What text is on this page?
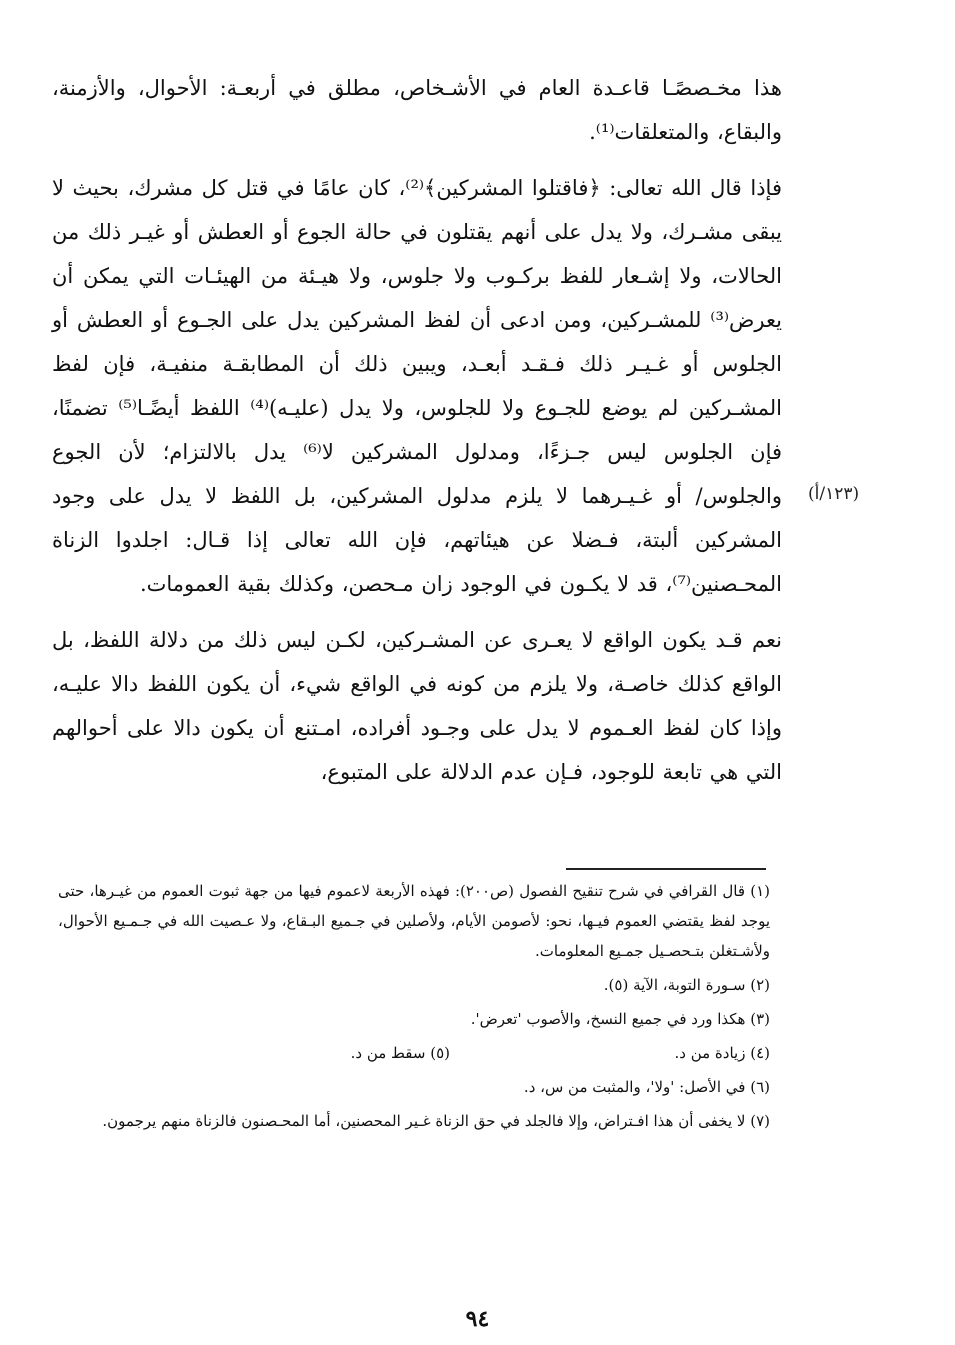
هذا مخـصصًـا قاعـدة العام في الأشـخاص، مطلق في أربعـة: الأحوال، والأزمنة، والبقاع، والمتعلقات⁽¹⁾.

فإذا قال الله تعالى: ﴿فاقتلوا المشركين﴾⁽²⁾، كان عامًا في قتل كل مشرك، بحيث لا يبقى مشـرك، ولا يدل على أنهم يقتلون في حالة الجوع أو العطش أو غيـر ذلك من الحالات، ولا إشـعار للفظ بركـوب ولا جلوس، ولا هيـئة من الهيئـات التي يمكن أن يعرض⁽³⁾ للمشـركين، ومن ادعى أن لفظ المشركين يدل على الجـوع أو العطش أو الجلوس أو غـيـر ذلك فـقـد أبعـد، ويبين ذلك أن المطابقـة منفيـة، فإن لفظ المشـركين لم يوضع للجـوع ولا للجلوس، ولا يدل (عليـه)⁽⁴⁾ اللفظ أيضًـا⁽⁵⁾ تضمنًا، فإن الجلوس ليس جـزءًا، ومدلول المشركين لا⁽⁶⁾ يدل بالالتزام؛ لأن الجوع والجلوس/ أو غـيـرهما لا يلزم مدلول المشركين، بل اللفظ لا يدل على وجود المشركين ألبتة، فـضلا عن هيئاتهم، فإن الله تعالى إذا قـال: اجلدوا الزناة المحـصنين⁽⁷⁾، قد لا يكـون في الوجود زان مـحصن، وكذلك بقية العمومات.

نعم قـد يكون الواقع لا يعـرى عن المشـركين، لكـن ليس ذلك من دلالة اللفظ، بل الواقع كذلك خاصـة، ولا يلزم من كونه في الواقع شيء، أن يكون اللفظ دالا عليـه، وإذا كان لفظ العـموم لا يدل على وجـود أفراده، امـتنع أن يكون دالا على أحوالهم التي هي تابعة للوجود، فـإن عدم الدلالة على المتبوع،

(١٢٣/أ)
(١) قال القرافي في شرح تنقيح الفصول (ص٢٠٠): فهذه الأربعة لاعموم فيها من جهة ثبوت العموم من غيـرها، حتى يوجد لفظ يقتضي العموم فيـها، نحو: لأصومن الأيام، ولأصلين في جـميع البـقاع، ولا عـصيت الله في جـمـيع الأحوال، ولأشـتغلن بتـحصـيل جمـيع المعلومات.
(٢) سـورة التوبة، الآية (٥).
(٣) هكذا ورد في جميع النسخ، والأصوب 'تعرض'.
(٤) زيادة من د.
(٥) سقط من د.
(٦) في الأصل: 'ولا'، والمثبت من س، د.
(٧) لا يخفى أن هذا افـتراض، وإلا فالجلد في حق الزناة غـير المحصنين، أما المحـصنون فالزناة منهم يرجمون.
٩٤
